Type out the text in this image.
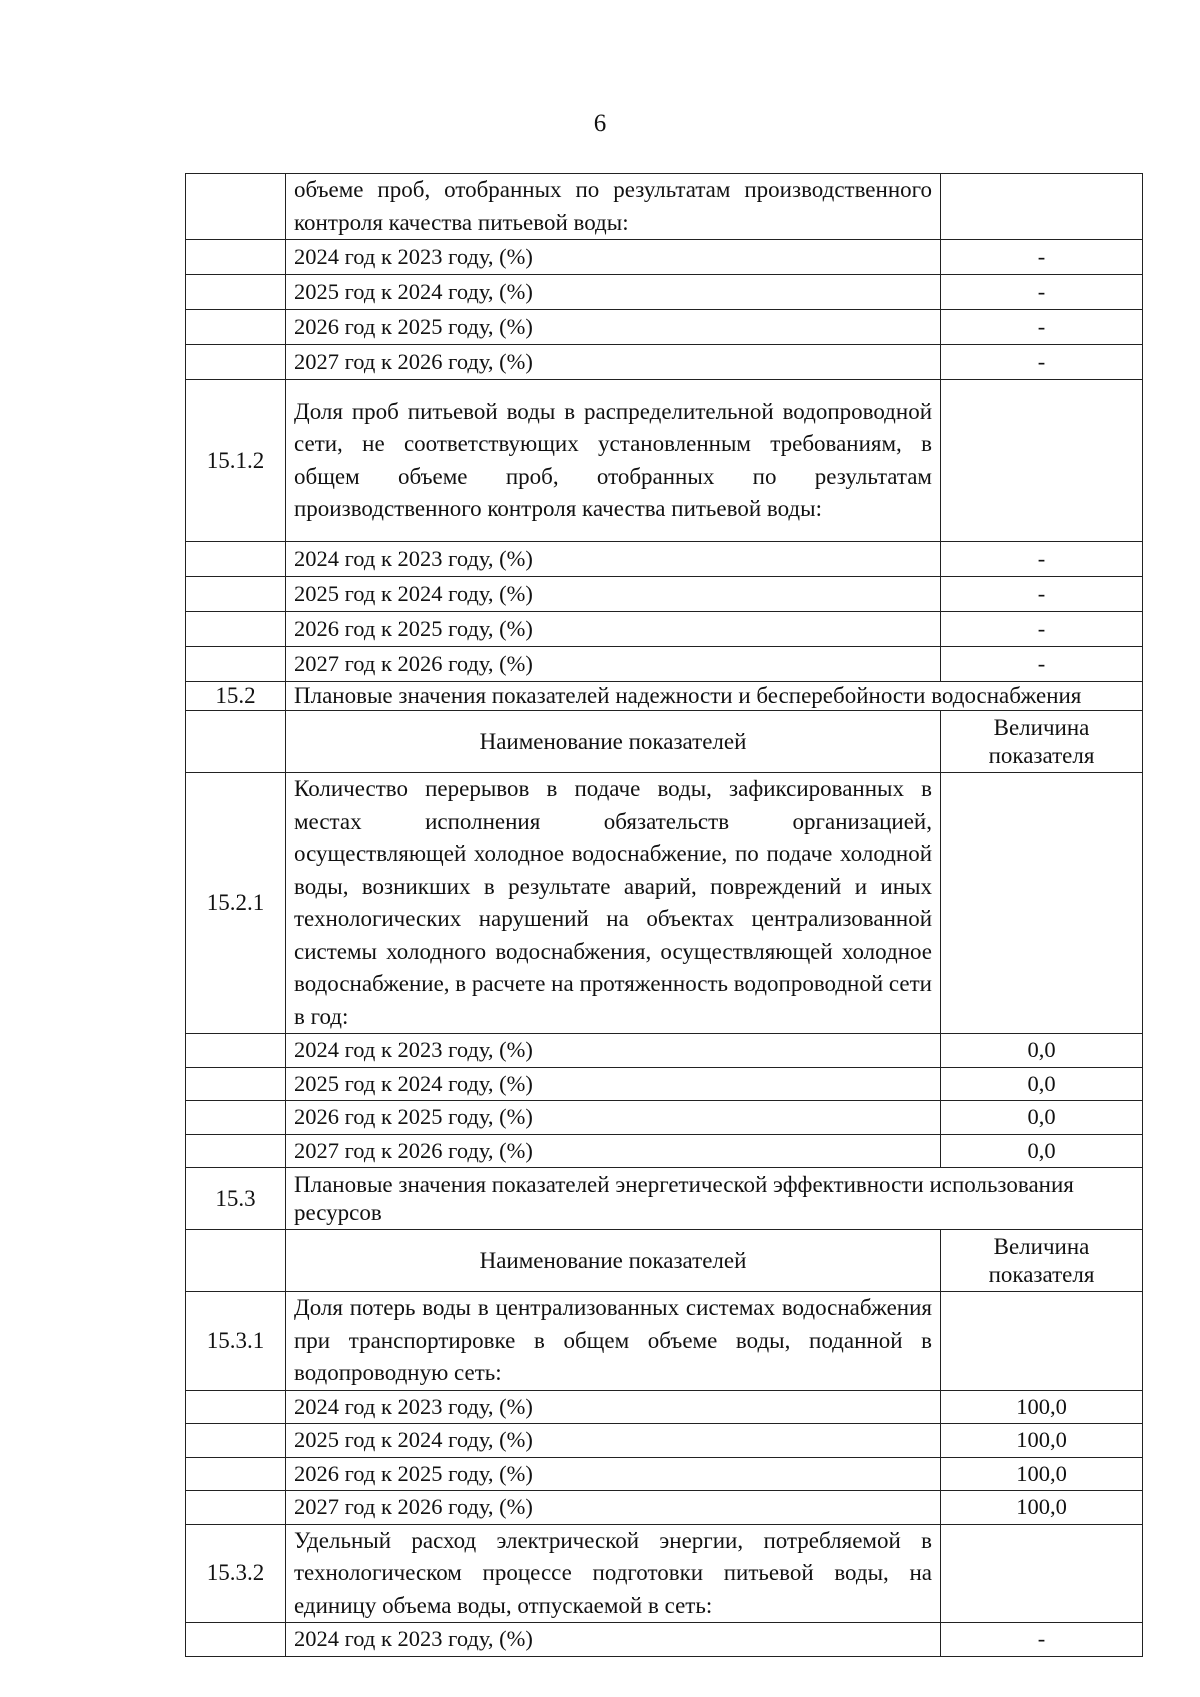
6
	объеме проб, отобранных по результатам производственного контроля качества питьевой воды:	
	2024 год к 2023 году, (%)	-
	2025 год к 2024 году, (%)	-
	2026 год к 2025 году, (%)	-
	2027 год к 2026 году, (%)	-
15.1.2	Доля проб питьевой воды в распределительной водопроводной сети, не соответствующих установленным требованиям, в общем объеме проб, отобранных по результатам производственного контроля качества питьевой воды:	
	2024 год к 2023 году, (%)	-
	2025 год к 2024 году, (%)	-
	2026 год к 2025 году, (%)	-
	2027 год к 2026 году, (%)	-
15.2	Плановые значения показателей надежности и бесперебойности водоснабжения	
	Наименование показателей	Величина показателя
15.2.1	Количество перерывов в подаче воды, зафиксированных в местах исполнения обязательств организацией, осуществляющей холодное водоснабжение, по подаче холодной воды, возникших в результате аварий, повреждений и иных технологических нарушений на объектах централизованной системы холодного водоснабжения, осуществляющей холодное водоснабжение, в расчете на протяженность водопроводной сети в год:	
	2024 год к 2023 году, (%)	0,0
	2025 год к 2024 году, (%)	0,0
	2026 год к 2025 году, (%)	0,0
	2027 год к 2026 году, (%)	0,0
15.3	Плановые значения показателей энергетической эффективности использования ресурсов	
	Наименование показателей	Величина показателя
15.3.1	Доля потерь воды в централизованных системах водоснабжения при транспортировке в общем объеме воды, поданной в водопроводную сеть:	
	2024 год к 2023 году, (%)	100,0
	2025 год к 2024 году, (%)	100,0
	2026 год к 2025 году, (%)	100,0
	2027 год к 2026 году, (%)	100,0
15.3.2	Удельный расход электрической энергии, потребляемой в технологическом процессе подготовки питьевой воды, на единицу объема воды, отпускаемой в сеть:	
	2024 год к 2023 году, (%)	-
